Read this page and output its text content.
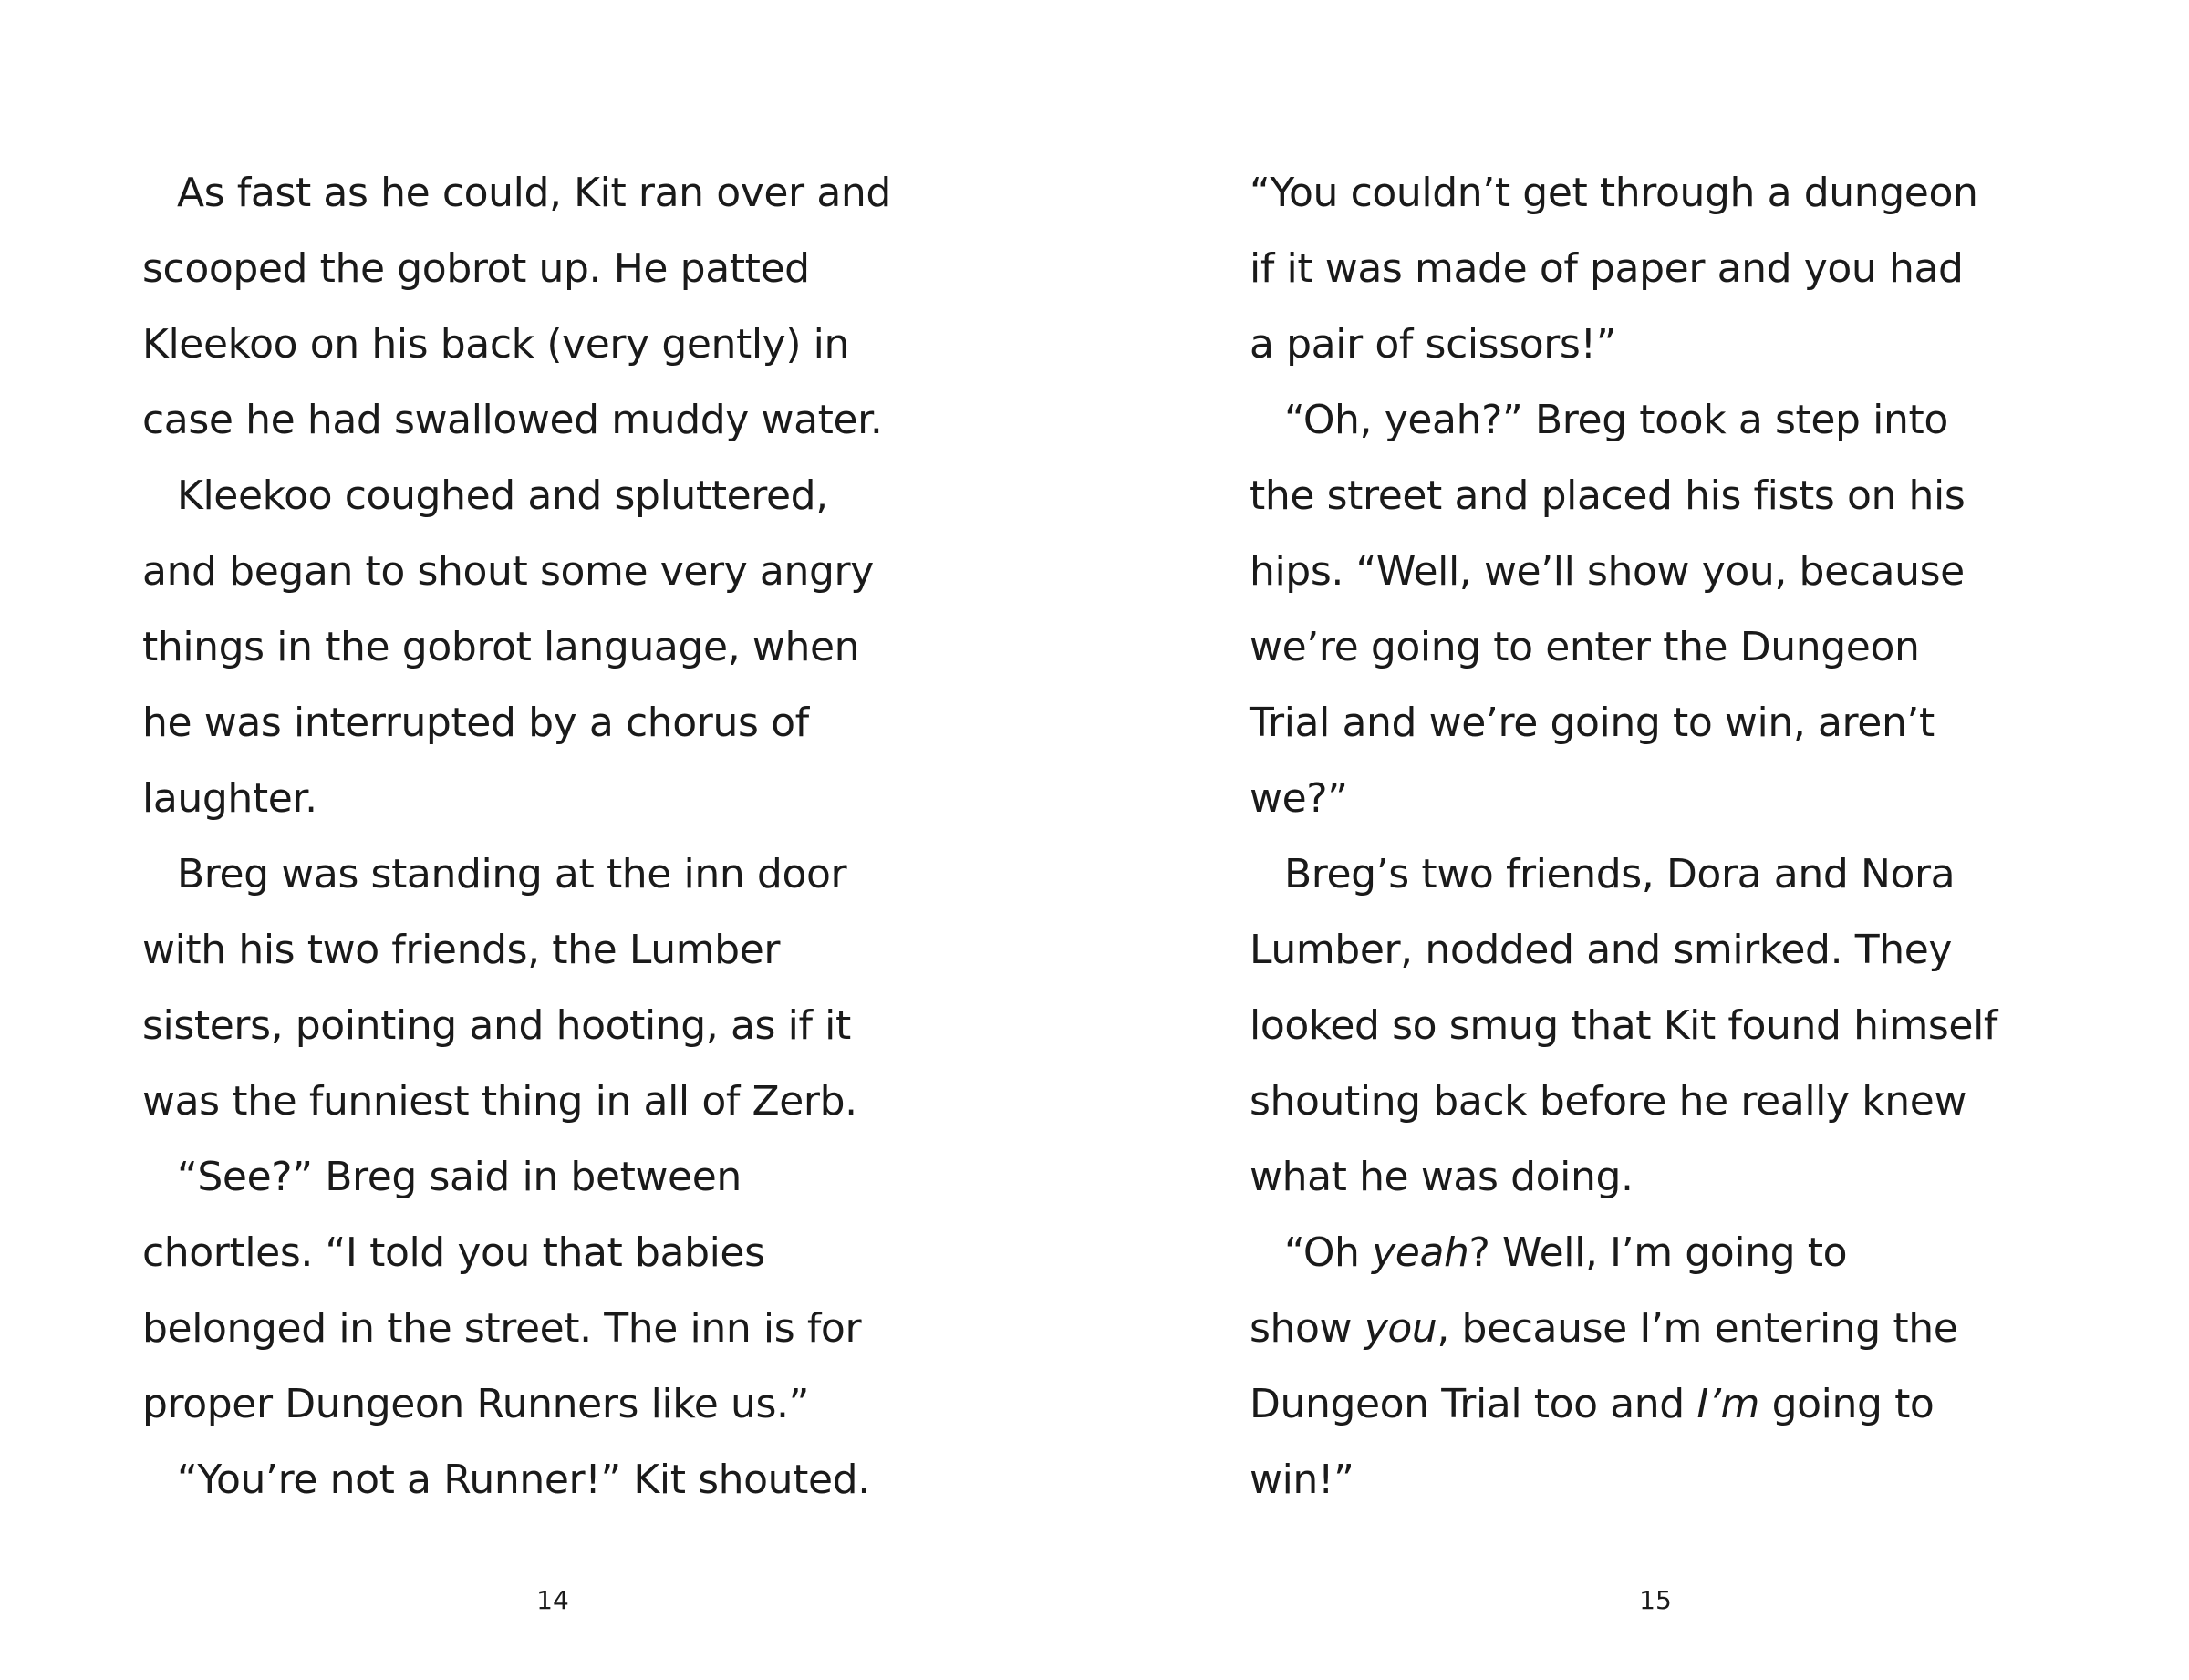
As fast as he could, Kit ran over and
scooped the gobrot up. He patted
Kleekoo on his back (very gently) in
case he had swallowed muddy water.
Kleekoo coughed and spluttered,
and began to shout some very angry
things in the gobrot language, when
he was interrupted by a chorus of
laughter.
Breg was standing at the inn door
with his two friends, the Lumber
sisters, pointing and hooting, as if it
was the funniest thing in all of Zerb.
“See?” Breg said in between
chortles. “I told you that babies
belonged in the street. The inn is for
proper Dungeon Runners like us.”
“You’re not a Runner!” Kit shouted.
14
“You couldn’t get through a dungeon
if it was made of paper and you had
a pair of scissors!”
“Oh, yeah?” Breg took a step into
the street and placed his fists on his
hips. “Well, we’ll show you, because
we’re going to enter the Dungeon
Trial and we’re going to win, aren’t
we?”
Breg’s two friends, Dora and Nora
Lumber, nodded and smirked. They
looked so smug that Kit found himself
shouting back before he really knew
what he was doing.
“Oh yeah? Well, I’m going to
show you, because I’m entering the
Dungeon Trial too and I’m going to
win!”
15
